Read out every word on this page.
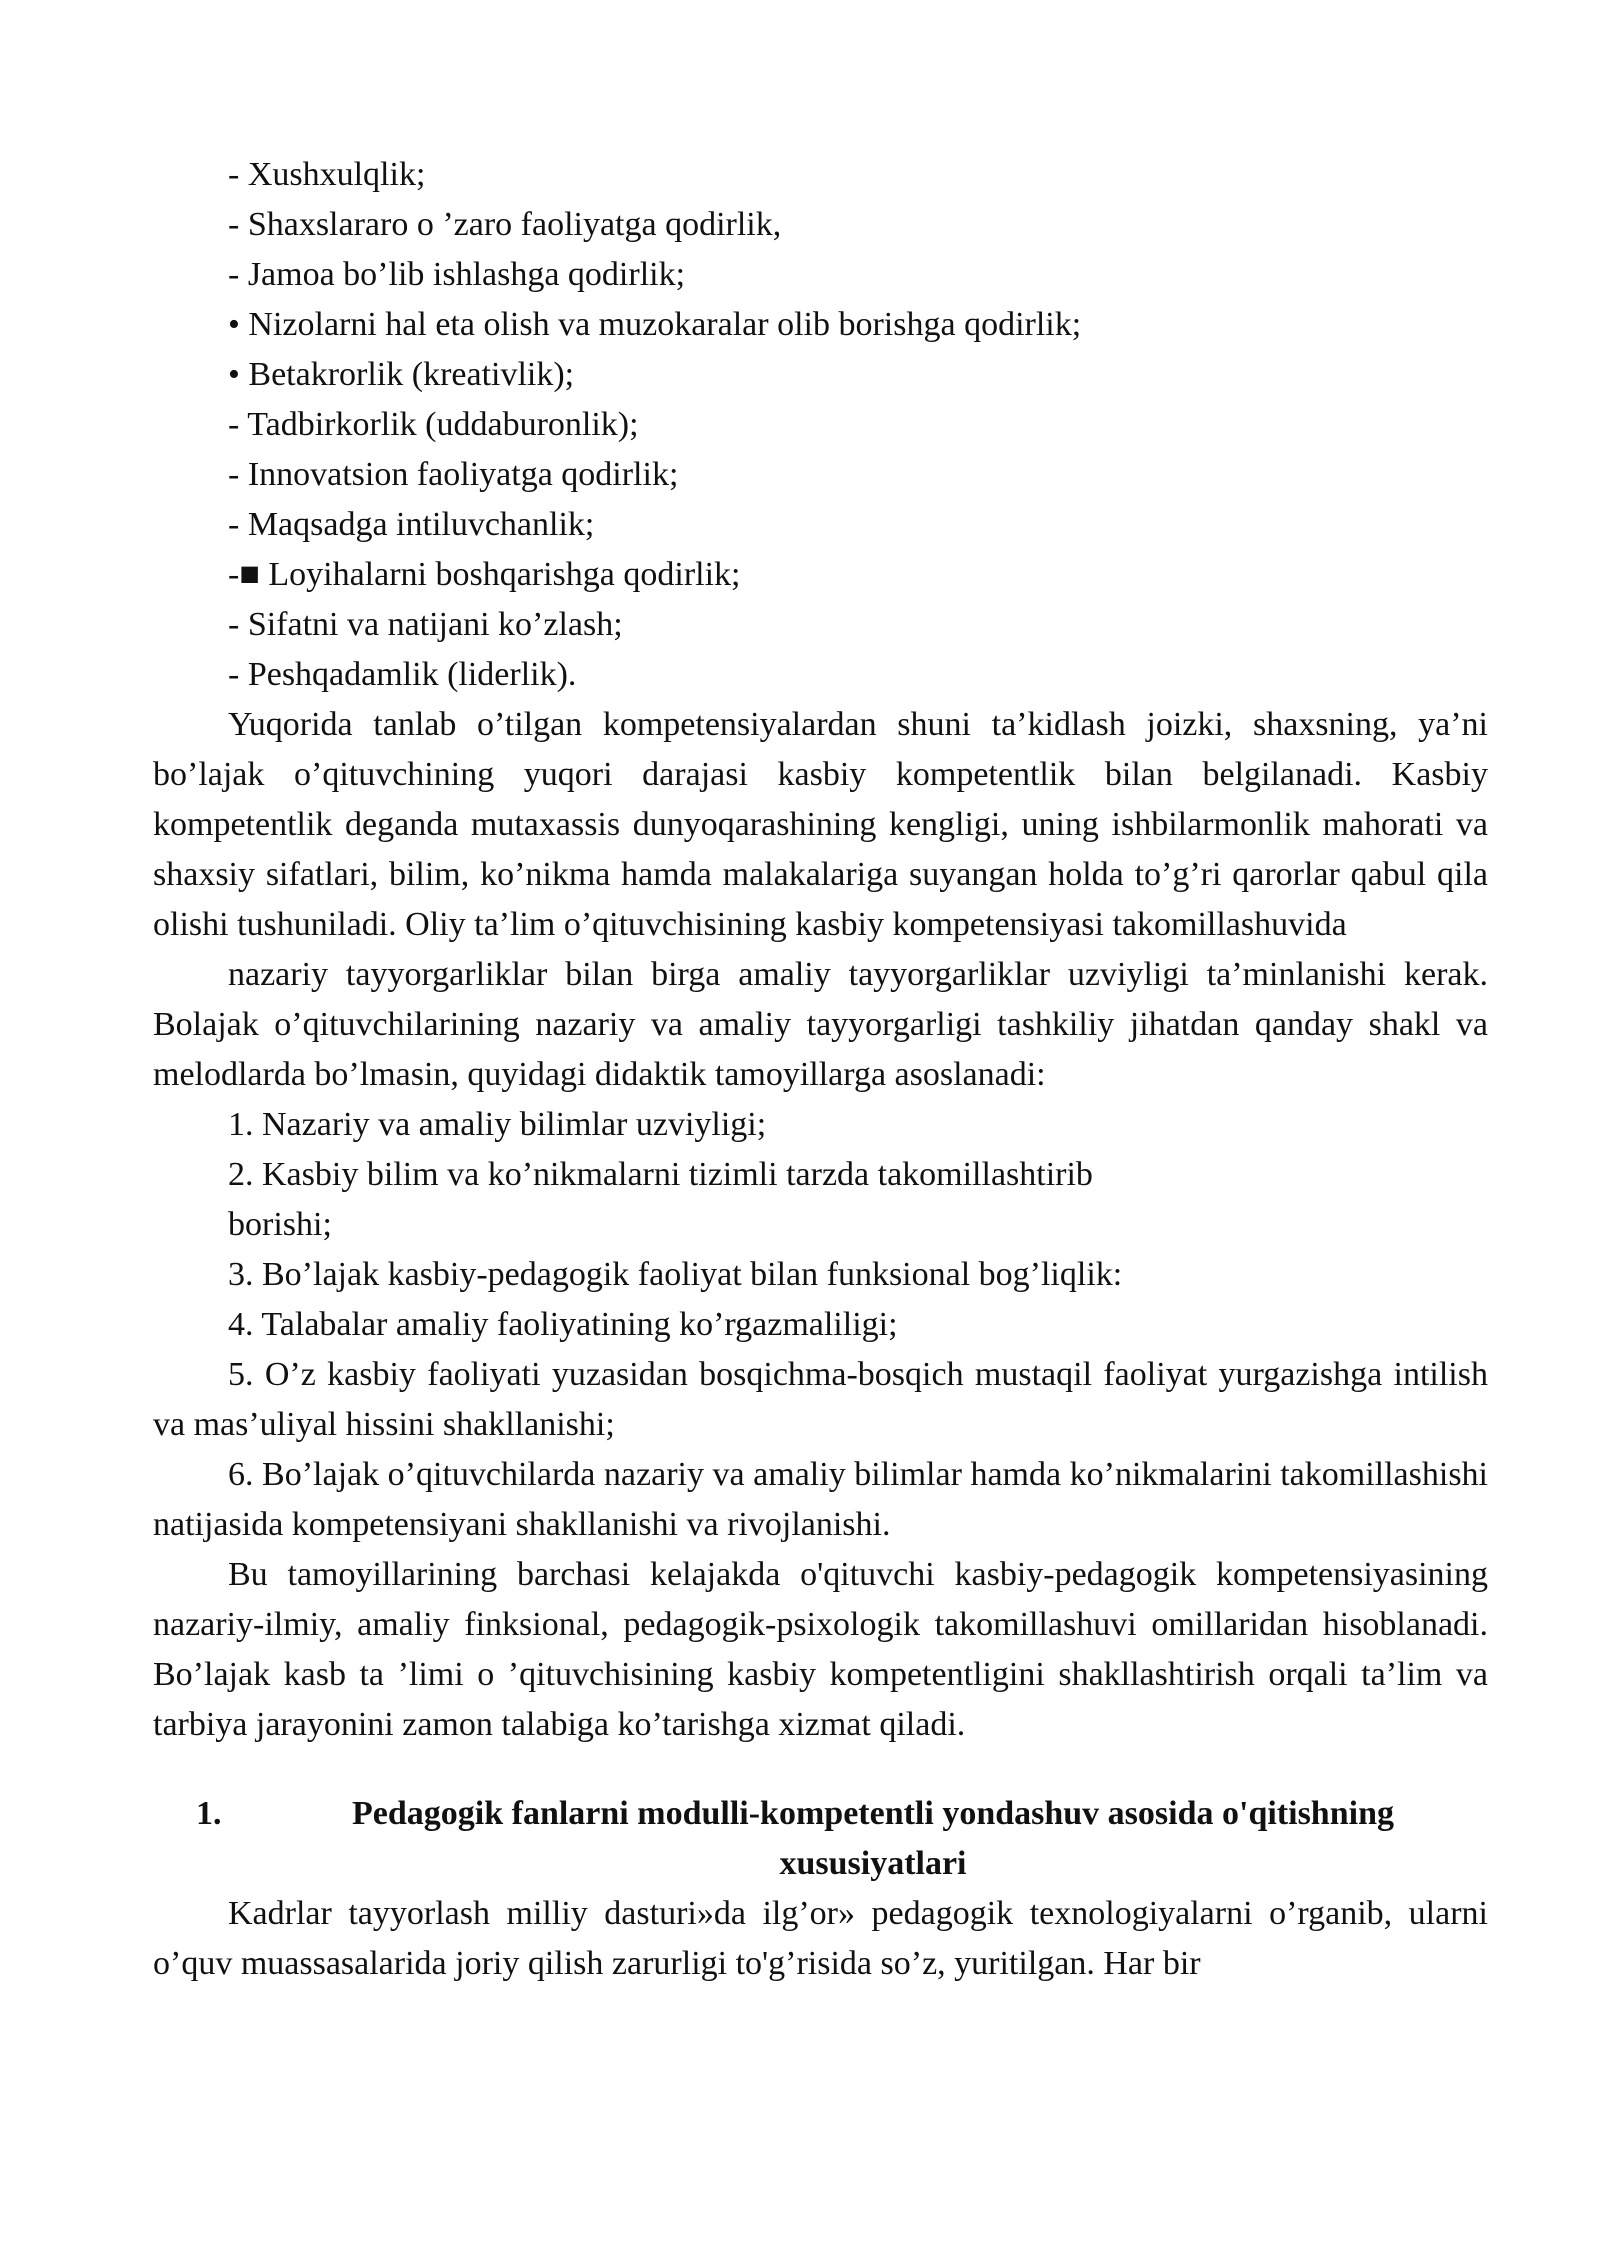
- Xushxulqlik;

- Shaxslararo o ’zaro faoliyatga qodirlik,

- Jamoa bo’lib ishlashga qodirlik;

• Nizolarni hal eta olish va muzokaralar olib borishga qodirlik;

• Betakrorlik (kreativlik);

- Tadbirkorlik (uddaburonlik);

- Innovatsion faoliyatga qodirlik;

- Maqsadga intiluvchanlik;

-■ Loyihalarni boshqarishga qodirlik;

- Sifatni va natijani ko’zlash;

- Peshqadamlik (liderlik).

Yuqorida tanlab o’tilgan kompetensiyalardan shuni ta’kidlash joizki, shaxsning, ya’ni bo’lajak o’qituvchining yuqori darajasi kasbiy kompetentlik bilan belgilanadi. Kasbiy kompetentlik deganda mutaxassis dunyoqarashining kengligi, uning ishbilarmonlik mahorati va shaxsiy sifatlari, bilim, ko’nikma hamda malakalariga suyangan holda to’g’ri qarorlar qabul qila olishi tushuniladi. Oliy ta’lim o’qituvchisining kasbiy kompetensiyasi takomillashuvida

nazariy tayyorgarliklar bilan birga amaliy tayyorgarliklar uzviyligi ta’minlanishi kerak. Bolajak o’qituvchilarining nazariy va amaliy tayyorgarligi tashkiliy jihatdan qanday shakl va melodlarda bo’lmasin, quyidagi didaktik tamoyillarga asoslanadi:

1. Nazariy va amaliy bilimlar uzviyligi;

2. Kasbiy bilim va ko’nikmalarni tizimli tarzda takomillashtirib

borishi;

3. Bo’lajak kasbiy-pedagogik faoliyat bilan funksional bog’liqlik:

4. Talabalar amaliy faoliyatining ko’rgazmaliligi;

5. O’z kasbiy faoliyati yuzasidan bosqichma-bosqich mustaqil faoliyat yurgazishga intilish va mas’uliyal hissini shakllanishi;

6. Bo’lajak o’qituvchilarda nazariy va amaliy bilimlar hamda ko’nikmalarini takomillashishi natijasida kompetensiyani shakllanishi va rivojlanishi.

Bu tamoyillarining barchasi kelajakda o'qituvchi kasbiy-pedagogik kompetensiyasining nazariy-ilmiy, amaliy finksional, pedagogik-psixologik takomillashuvi omillaridan hisoblanadi. Bo’lajak kasb ta ’limi o ’qituvchisining kasbiy kompetentligini shakllashtirish orqali ta’lim va tarbiya jarayonini zamon talabiga ko’tarishga xizmat qiladi.

1.	Pedagogik fanlarni modulli-kompetentli yondashuv asosida o'qitishning xususiyatlari

Kadrlar tayyorlash milliy dasturi»da ilg’or» pedagogik texnologiyalarni o’rganib, ularni o’quv muassasalarida joriy qilish zarurligi to'g’risida so’z, yuritilgan. Har bir
